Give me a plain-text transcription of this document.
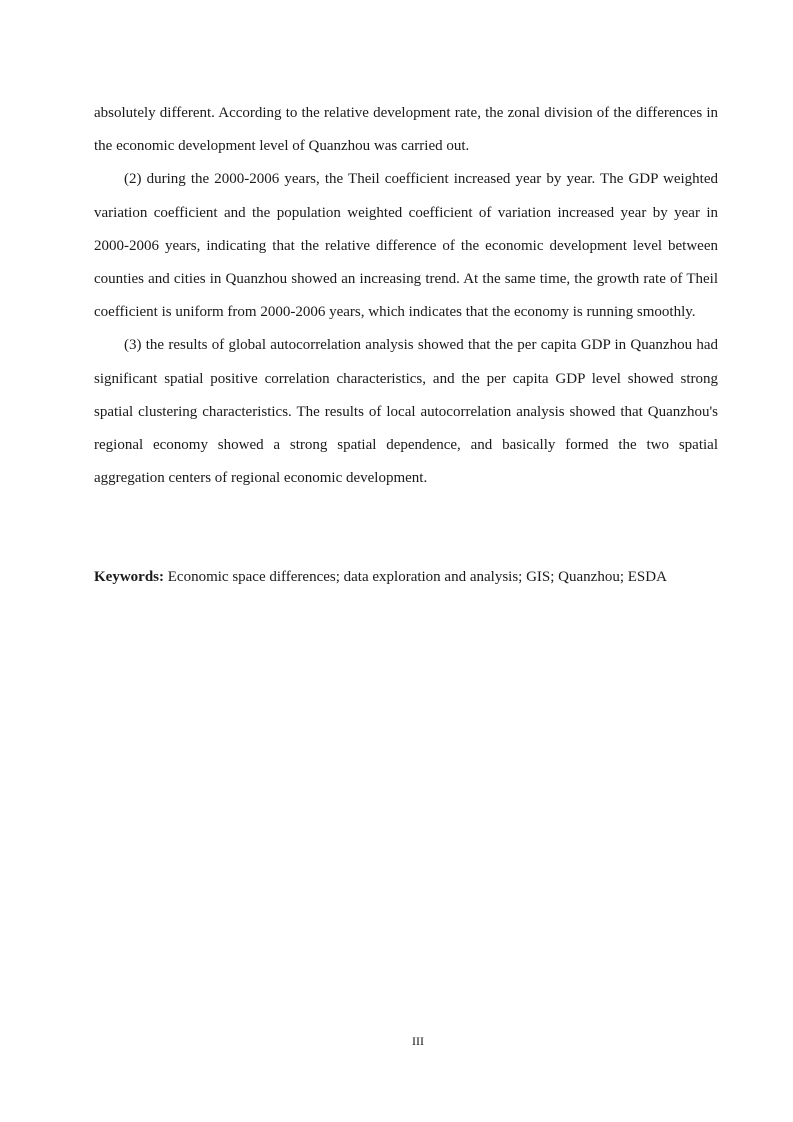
absolutely different. According to the relative development rate, the zonal division of the differences in the economic development level of Quanzhou was carried out.

(2) during the 2000-2006 years, the Theil coefficient increased year by year. The GDP weighted variation coefficient and the population weighted coefficient of variation increased year by year in 2000-2006 years, indicating that the relative difference of the economic development level between counties and cities in Quanzhou showed an increasing trend. At the same time, the growth rate of Theil coefficient is uniform from 2000-2006 years, which indicates that the economy is running smoothly.

(3) the results of global autocorrelation analysis showed that the per capita GDP in Quanzhou had significant spatial positive correlation characteristics, and the per capita GDP level showed strong spatial clustering characteristics. The results of local autocorrelation analysis showed that Quanzhou's regional economy showed a strong spatial dependence, and basically formed the two spatial aggregation centers of regional economic development.

Keywords: Economic space differences; data exploration and analysis; GIS; Quanzhou; ESDA
III
